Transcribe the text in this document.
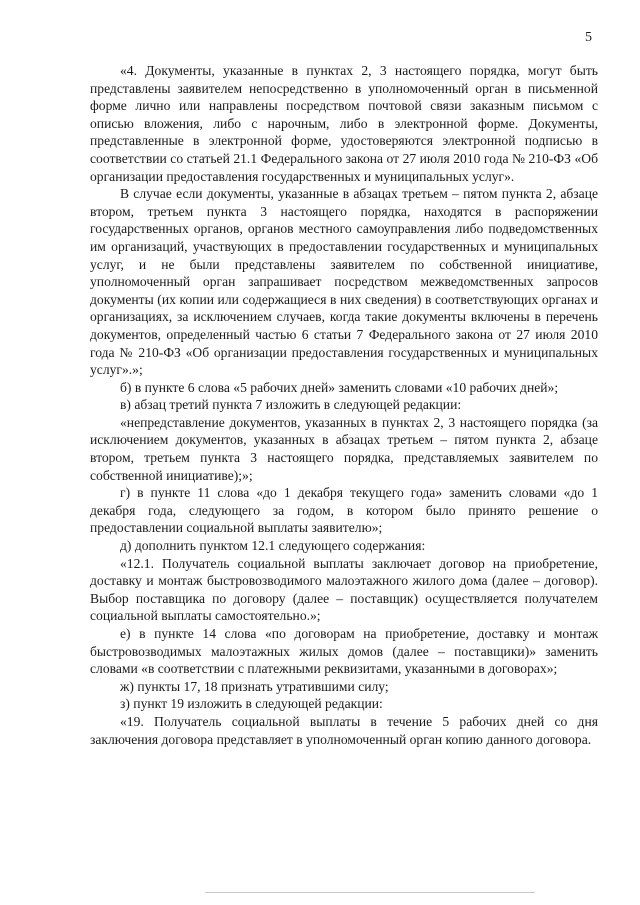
5

«4. Документы, указанные в пунктах 2, 3 настоящего порядка, могут быть представлены заявителем непосредственно в уполномоченный орган в письменной форме лично или направлены посредством почтовой связи заказным письмом с описью вложения, либо с нарочным, либо в электронной форме. Документы, представленные в электронной форме, удостоверяются электронной подписью в соответствии со статьей 21.1 Федерального закона от 27 июля 2010 года № 210-ФЗ «Об организации предоставления государственных и муниципальных услуг».

В случае если документы, указанные в абзацах третьем – пятом пункта 2, абзаце втором, третьем пункта 3 настоящего порядка, находятся в распоряжении государственных органов, органов местного самоуправления либо подведомственных им организаций, участвующих в предоставлении государственных и муниципальных услуг, и не были представлены заявителем по собственной инициативе, уполномоченный орган запрашивает посредством межведомственных запросов документы (их копии или содержащиеся в них сведения) в соответствующих органах и организациях, за исключением случаев, когда такие документы включены в перечень документов, определенный частью 6 статьи 7 Федерального закона от 27 июля 2010 года № 210-ФЗ «Об организации предоставления государственных и муниципальных услуг».»;

б) в пункте 6 слова «5 рабочих дней» заменить словами «10 рабочих дней»;

в) абзац третий пункта 7 изложить в следующей редакции:

«непредставление документов, указанных в пунктах 2, 3 настоящего порядка (за исключением документов, указанных в абзацах третьем – пятом пункта 2, абзаце втором, третьем пункта 3 настоящего порядка, представляемых заявителем по собственной инициативе);»;

г) в пункте 11 слова «до 1 декабря текущего года» заменить словами «до 1 декабря года, следующего за годом, в котором было принято решение о предоставлении социальной выплаты заявителю»;

д) дополнить пунктом 12.1 следующего содержания:

«12.1. Получатель социальной выплаты заключает договор на приобретение, доставку и монтаж быстровозводимого малоэтажного жилого дома (далее – договор). Выбор поставщика по договору (далее – поставщик) осуществляется получателем социальной выплаты самостоятельно.»;

е) в пункте 14 слова «по договорам на приобретение, доставку и монтаж быстровозводимых малоэтажных жилых домов (далее – поставщики)» заменить словами «в соответствии с платежными реквизитами, указанными в договорах»;

ж) пункты 17, 18 признать утратившими силу;

з) пункт 19 изложить в следующей редакции:

«19. Получатель социальной выплаты в течение 5 рабочих дней со дня заключения договора представляет в уполномоченный орган копию данного договора.
